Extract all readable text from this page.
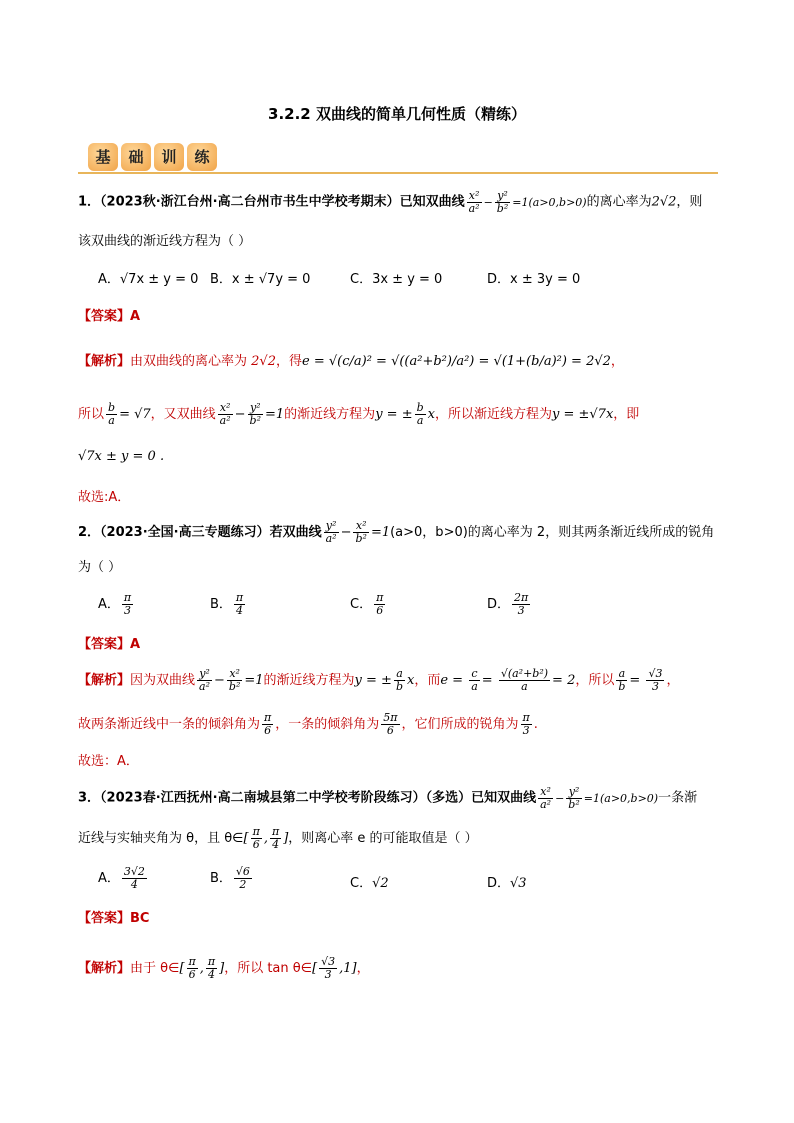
3.2.2 双曲线的简单几何性质（精练）
基	础	训	练
1．（2023秋·浙江台州·高二台州市书生中学校考期末）已知双曲线 $\frac{\text{x²}}{\text{a²}} - \frac{\text{y²}}{\text{b²}} =1(a>0,b>0)$的离心率为2√2，则
该双曲线的渐近线方程为（ ）
A．√7x ± y = 0 B．x ± √7y = 0	C．3x ± y = 0	D．x ± 3y = 0
【答案】A
【解析】由双曲线的离心率为 2√2，得e = √(c/a)² = √((a²+b²)/a²) = √(1+(b/a)²) = 2√2，
所以 $\frac{b}{a} = √7$，又双曲线 $\frac{\text{x²}}{\text{a²}} - \frac{\text{y²}}{\text{b²}} =1$的渐近线方程为y = ± $\frac{b}{a}$ x，所以渐近线方程为y = ±√7x，即
√7x ± y = 0 .
故选:A．
2．（2023·全国·高三专题练习）若双曲线 $\frac{\text{y²}}{\text{a²}} - \frac{\text{x²}}{\text{b²}} =1(a>0$，b>0)的离心率为 2，则其两条渐近线所成的锐角
为（ ）
A． $\frac{\pi}{3}$	B． $\frac{\pi}{4}$	C． $\frac{\pi}{6}$	D． $\frac{2\pi}{3}$
【答案】A
【解析】因为双曲线 $\frac{\text{y²}}{\text{a²}} - \frac{\text{x²}}{\text{b²}} =1$的渐近线方程为y = ± $\frac{a}{b}$ x，而$e = \frac{c}{a} = \frac{\text{√(a²+b²)}}{a} = 2$，所以 $\frac{a}{b} = \frac{√3}{3}$ ，
故两条渐近线中一条的倾斜角为 $\frac{\pi}{6}$ ，一条的倾斜角为 $\frac{5\pi}{6}$ ，它们所成的锐角为 $\frac{\pi}{3}$ .
故选：A．
3．（2023春·江西抚州·高二南城县第二中学校考阶段练习）（多选）已知双曲线 $\frac{\text{x²}}{\text{a²}} - \frac{\text{y²}}{\text{b²}} =1(a>0,b>0)$一条渐
近线与实轴夹角为 θ，且 θ∈[ $\frac{\pi}{6}$ , $\frac{\pi}{4}$ ]，则离心率 e 的可能取值是（ ）
A． $\frac{3√2}{4}$	B． $\frac{√6}{2}$	C．√2	D．√3
【答案】BC
【解析】由于 θ∈[ $\frac{\pi}{6}$ , $\frac{\pi}{4}$ ]，所以 tan θ∈[ $\frac{√3}{3} ,1$]，
